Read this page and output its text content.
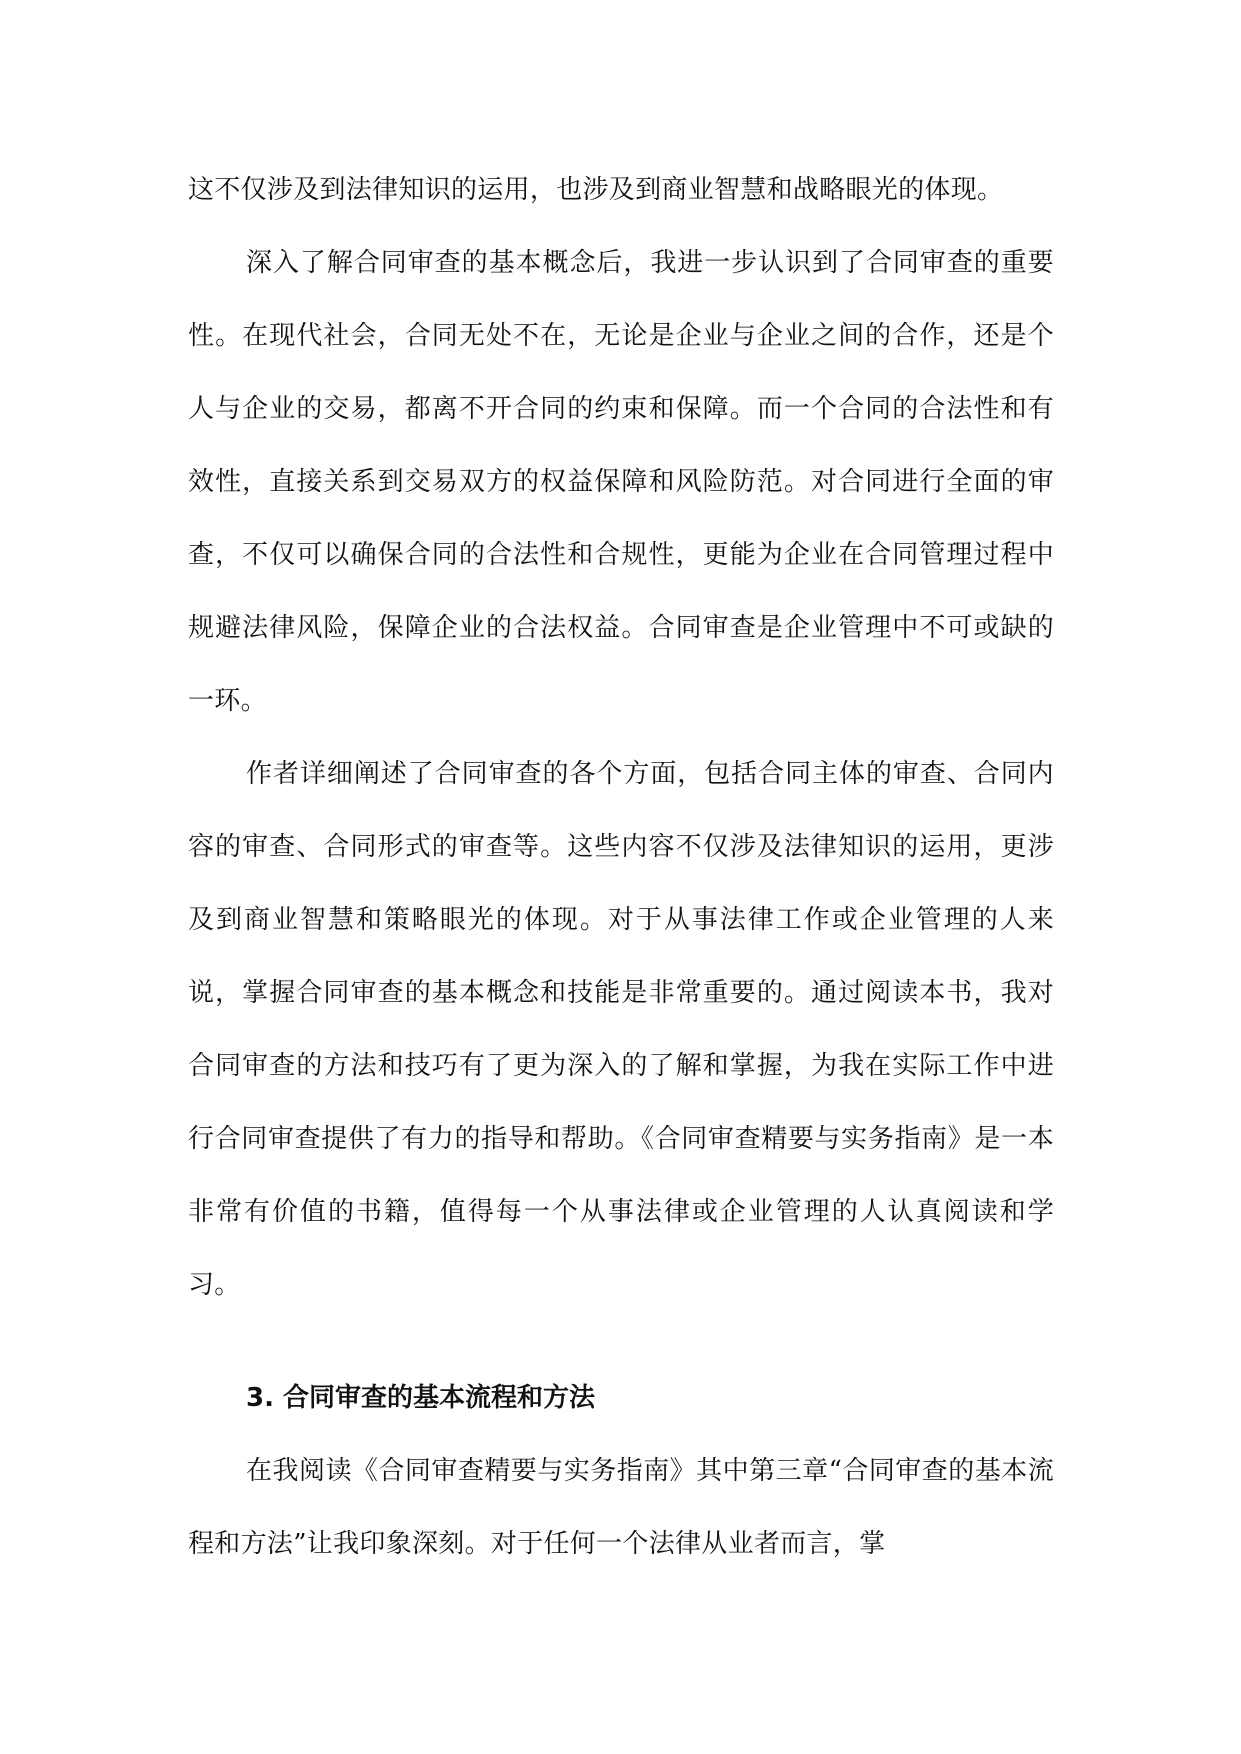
这不仅涉及到法律知识的运用，也涉及到商业智慧和战略眼光的体现。

深入了解合同审查的基本概念后，我进一步认识到了合同审查的重要性。在现代社会，合同无处不在，无论是企业与企业之间的合作，还是个人与企业的交易，都离不开合同的约束和保障。而一个合同的合法性和有效性，直接关系到交易双方的权益保障和风险防范。对合同进行全面的审查，不仅可以确保合同的合法性和合规性，更能为企业在合同管理过程中规避法律风险，保障企业的合法权益。合同审查是企业管理中不可或缺的一环。

作者详细阐述了合同审查的各个方面，包括合同主体的审查、合同内容的审查、合同形式的审查等。这些内容不仅涉及法律知识的运用，更涉及到商业智慧和策略眼光的体现。对于从事法律工作或企业管理的人来说，掌握合同审查的基本概念和技能是非常重要的。通过阅读本书，我对合同审查的方法和技巧有了更为深入的了解和掌握，为我在实际工作中进行合同审查提供了有力的指导和帮助。《合同审查精要与实务指南》是一本非常有价值的书籍，值得每一个从事法律或企业管理的人认真阅读和学习。

3. 合同审查的基本流程和方法

在我阅读《合同审查精要与实务指南》其中第三章“合同审查的基本流程和方法”让我印象深刻。对于任何一个法律从业者而言，掌
